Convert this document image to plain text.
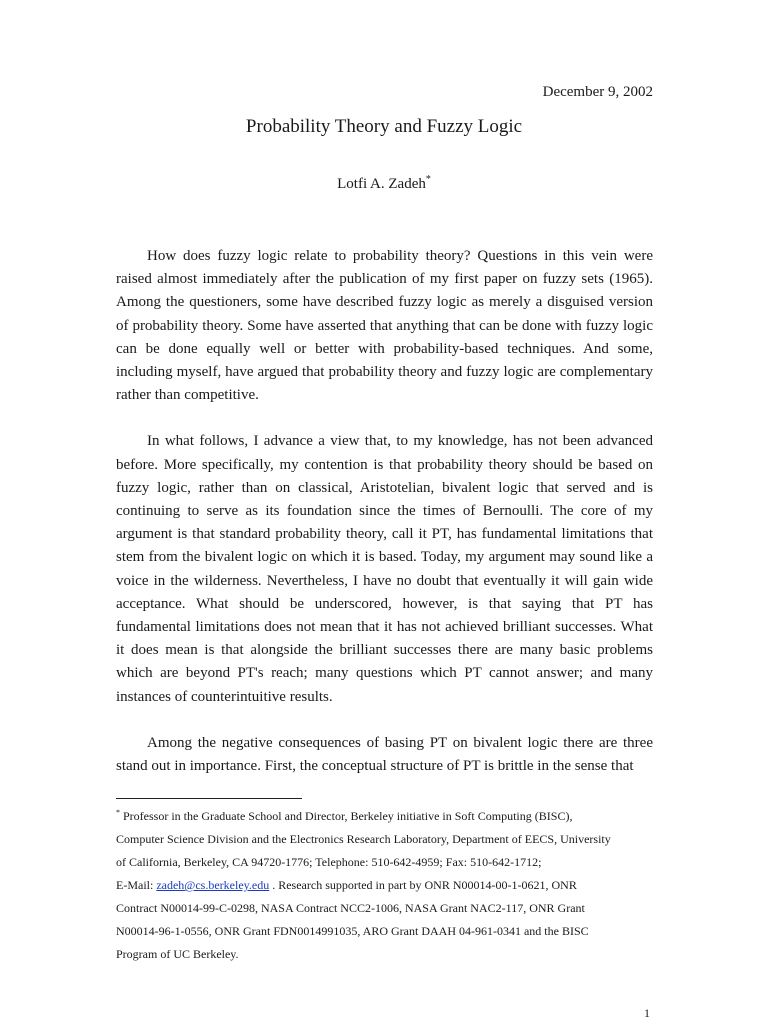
December 9, 2002
Probability Theory and Fuzzy Logic
Lotfi A. Zadeh*

How does fuzzy logic relate to probability theory? Questions in this vein were raised almost immediately after the publication of my first paper on fuzzy sets (1965). Among the questioners, some have described fuzzy logic as merely a disguised version of probability theory. Some have asserted that anything that can be done with fuzzy logic can be done equally well or better with probability-based techniques. And some, including myself, have argued that probability theory and fuzzy logic are complementary rather than competitive.

In what follows, I advance a view that, to my knowledge, has not been advanced before. More specifically, my contention is that probability theory should be based on fuzzy logic, rather than on classical, Aristotelian, bivalent logic that served and is continuing to serve as its foundation since the times of Bernoulli. The core of my argument is that standard probability theory, call it PT, has fundamental limitations that stem from the bivalent logic on which it is based. Today, my argument may sound like a voice in the wilderness. Nevertheless, I have no doubt that eventually it will gain wide acceptance. What should be underscored, however, is that saying that PT has fundamental limitations does not mean that it has not achieved brilliant successes. What it does mean is that alongside the brilliant successes there are many basic problems which are beyond PT's reach; many questions which PT cannot answer; and many instances of counterintuitive results.

Among the negative consequences of basing PT on bivalent logic there are three stand out in importance. First, the conceptual structure of PT is brittle in the sense that

* Professor in the Graduate School and Director, Berkeley initiative in Soft Computing (BISC),

Computer Science Division and the Electronics Research Laboratory, Department of EECS, University

of California, Berkeley, CA 94720-1776; Telephone: 510-642-4959; Fax: 510-642-1712;

E-Mail: zadeh@cs.berkeley.edu . Research supported in part by ONR N00014-00-1-0621, ONR

Contract N00014-99-C-0298, NASA Contract NCC2-1006, NASA Grant NAC2-117, ONR Grant

N00014-96-1-0556, ONR Grant FDN0014991035, ARO Grant DAAH 04-961-0341 and the BISC

Program of UC Berkeley.

1
